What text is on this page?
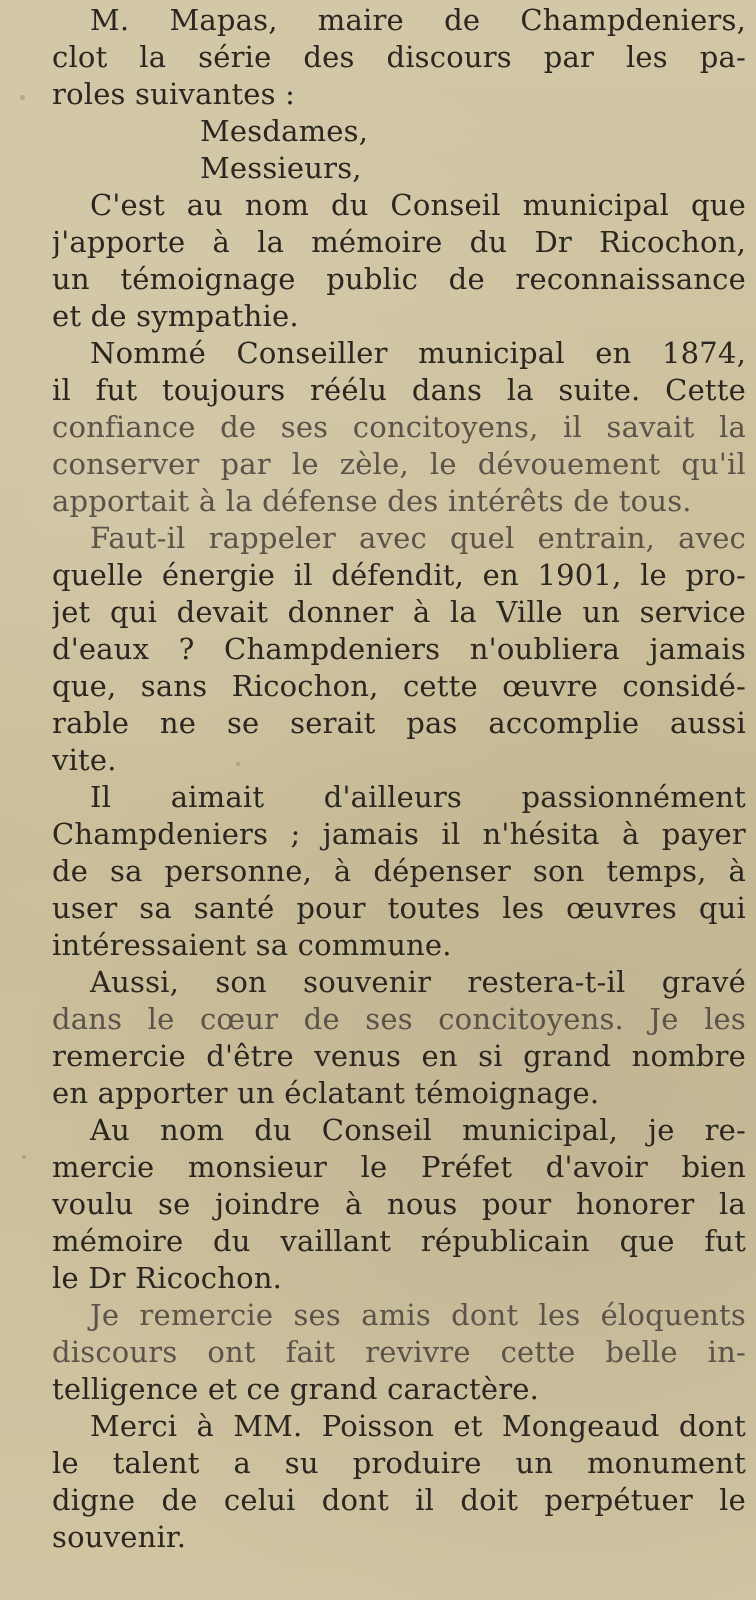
M. Mapas, maire de Champdeniers,
clot la série des discours par les pa-
roles suivantes :
Mesdames,
Messieurs,
C'est au nom du Conseil municipal que
j'apporte à la mémoire du Dr Ricochon,
un témoignage public de reconnaissance
et de sympathie.
Nommé Conseiller municipal en 1874,
il fut toujours réélu dans la suite. Cette
confiance de ses concitoyens, il savait la
conserver par le zèle, le dévouement qu'il
apportait à la défense des intérêts de tous.
Faut-il rappeler avec quel entrain, avec
quelle énergie il défendit, en 1901, le pro-
jet qui devait donner à la Ville un service
d'eaux ? Champdeniers n'oubliera jamais
que, sans Ricochon, cette œuvre considé-
rable ne se serait pas accomplie aussi
vite.
Il aimait d'ailleurs passionnément
Champdeniers ; jamais il n'hésita à payer
de sa personne, à dépenser son temps, à
user sa santé pour toutes les œuvres qui
intéressaient sa commune.
Aussi, son souvenir restera-t-il gravé
dans le cœur de ses concitoyens. Je les
remercie d'être venus en si grand nombre
en apporter un éclatant témoignage.
Au nom du Conseil municipal, je re-
mercie monsieur le Préfet d'avoir bien
voulu se joindre à nous pour honorer la
mémoire du vaillant républicain que fut
le Dr Ricochon.
Je remercie ses amis dont les éloquents
discours ont fait revivre cette belle in-
telligence et ce grand caractère.
Merci à MM. Poisson et Mongeaud dont
le talent a su produire un monument
digne de celui dont il doit perpétuer le
souvenir.
